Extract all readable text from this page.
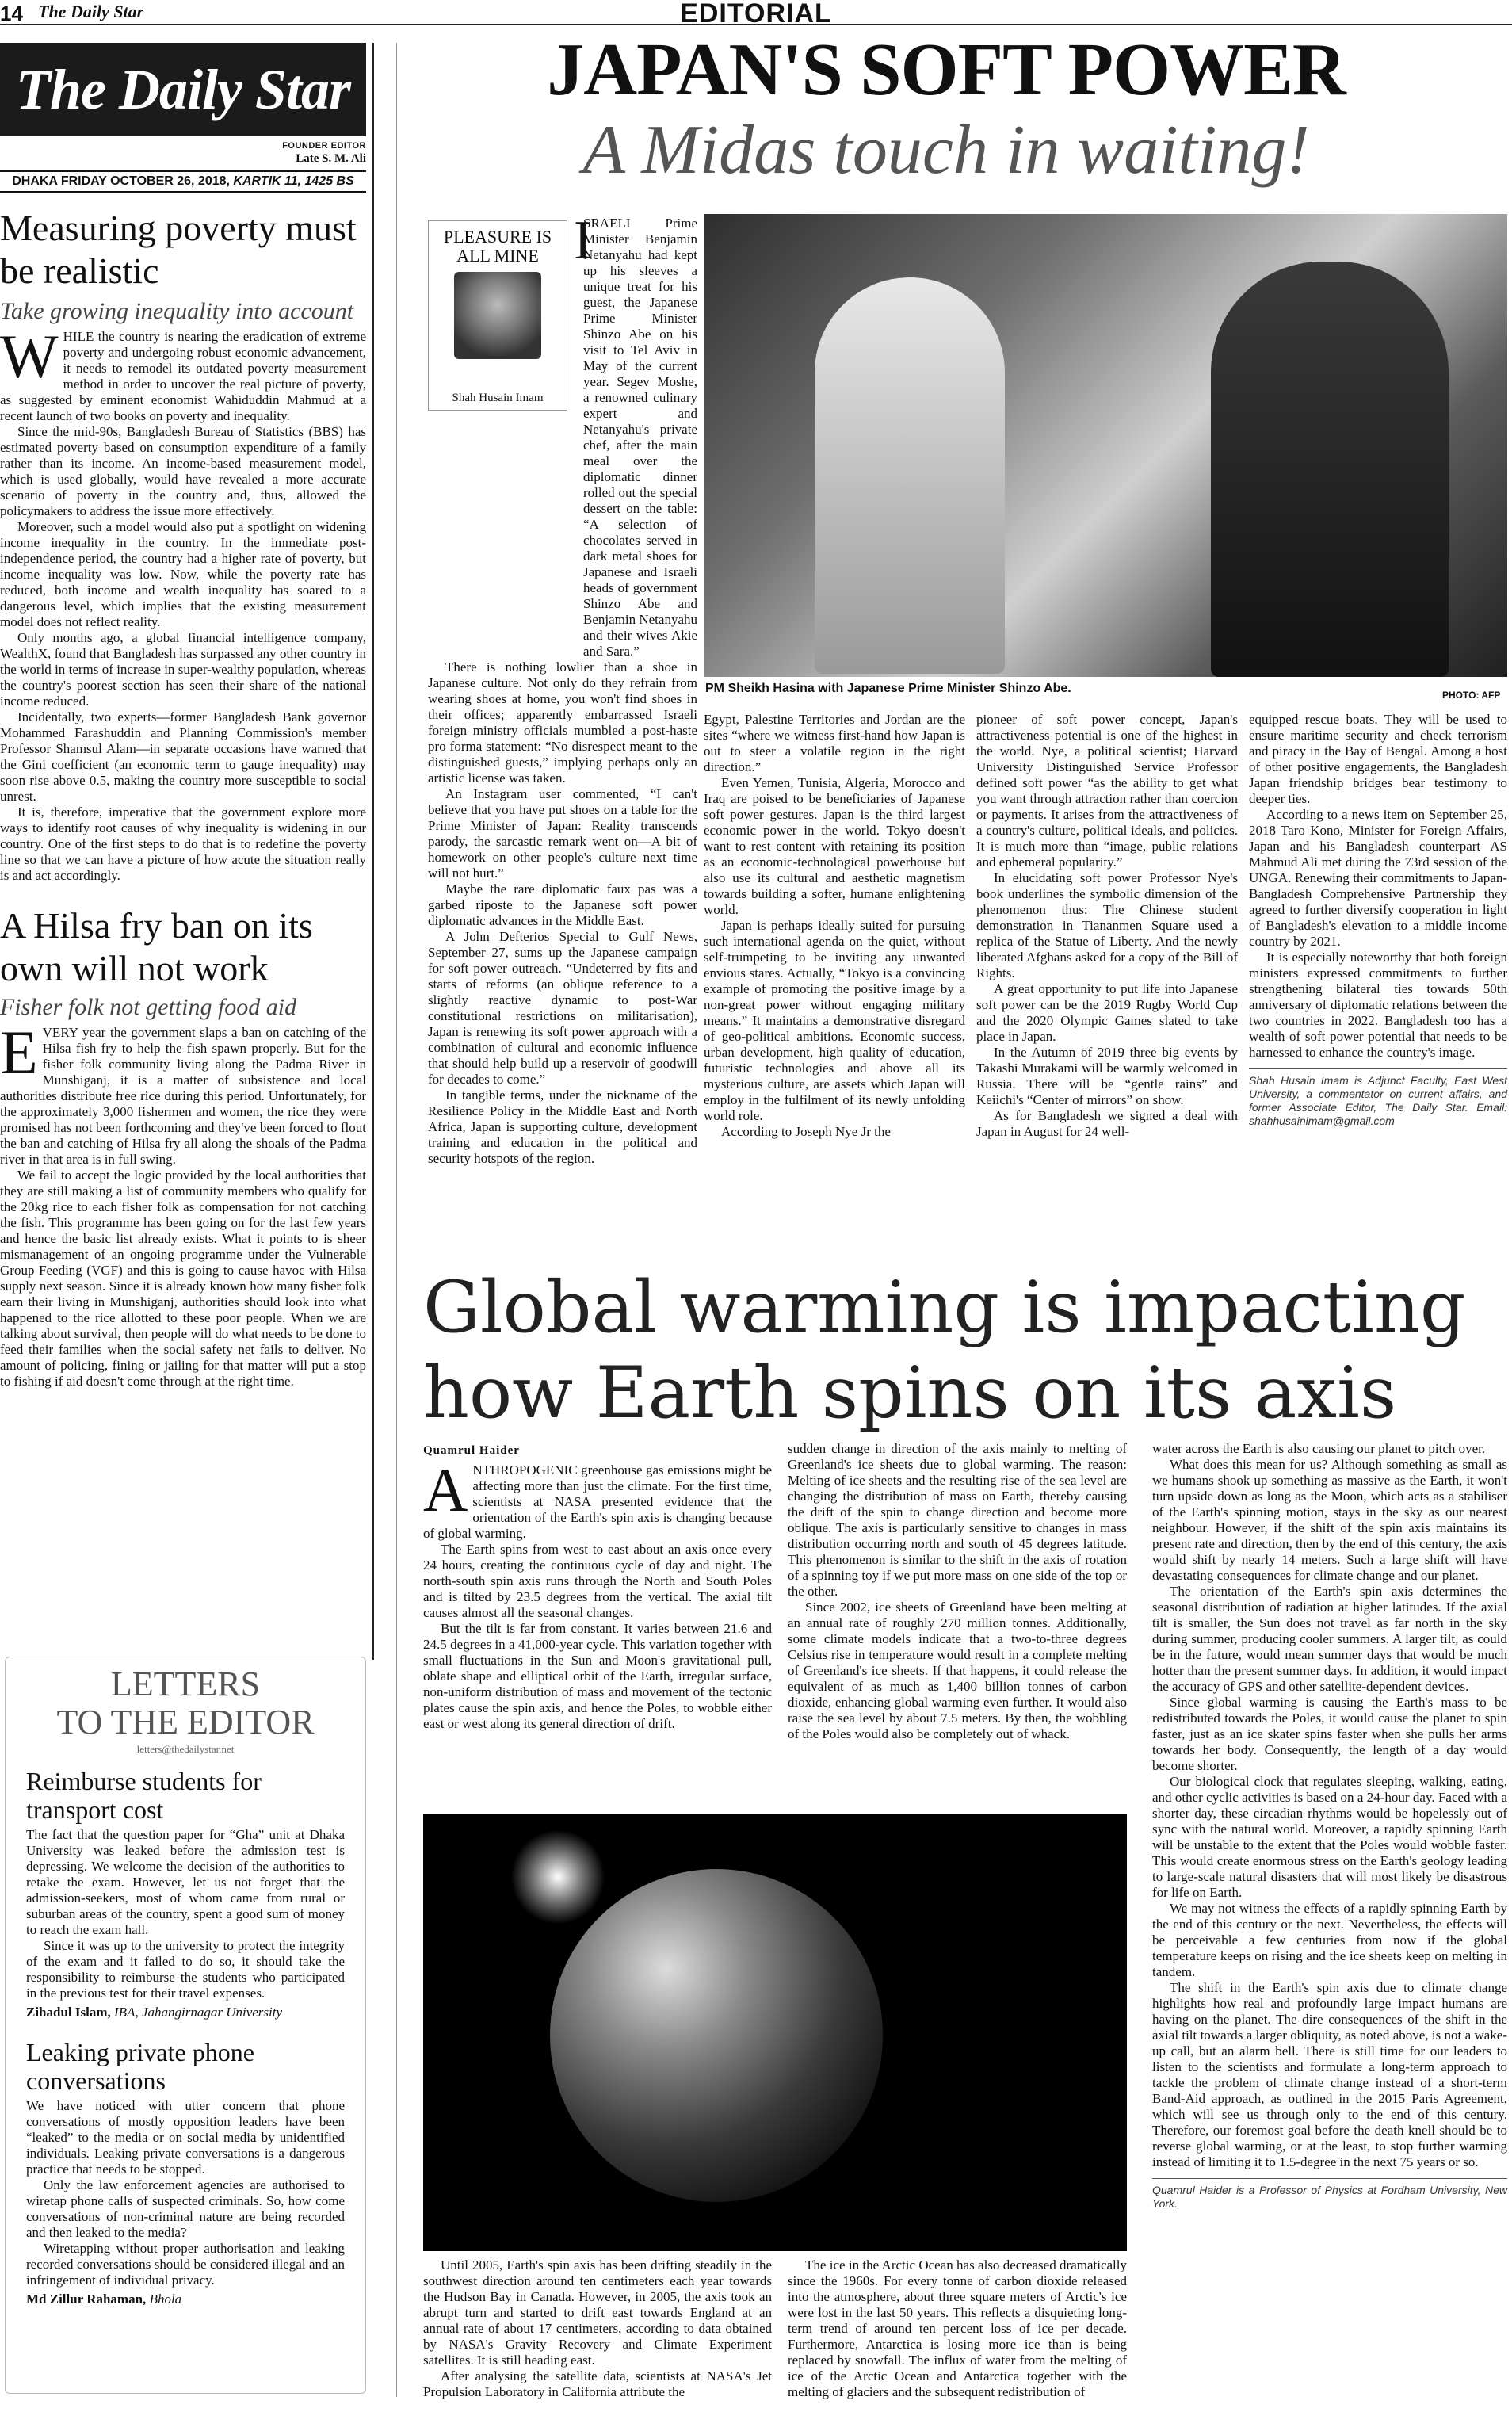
14 The Daily Star	EDITORIAL
The Daily Star
FOUNDER EDITOR
Late S. M. Ali
DHAKA FRIDAY OCTOBER 26, 2018, KARTIK 11, 1425 BS
Measuring poverty must be realistic
Take growing inequality into account

WHILE the country is nearing the eradication of extreme poverty and undergoing robust economic advancement, it needs to remodel its outdated poverty measurement method in order to uncover the real picture of poverty, as suggested by eminent economist Wahiduddin Mahmud at a recent launch of two books on poverty and inequality.

Since the mid-90s, Bangladesh Bureau of Statistics (BBS) has estimated poverty based on consumption expenditure of a family rather than its income. An income-based measurement model, which is used globally, would have revealed a more accurate scenario of poverty in the country and, thus, allowed the policymakers to address the issue more effectively.

Moreover, such a model would also put a spotlight on widening income inequality in the country. In the immediate post-independence period, the country had a higher rate of poverty, but income inequality was low. Now, while the poverty rate has reduced, both income and wealth inequality has soared to a dangerous level, which implies that the existing measurement model does not reflect reality.

Only months ago, a global financial intelligence company, WealthX, found that Bangladesh has surpassed any other country in the world in terms of increase in super-wealthy population, whereas the country's poorest section has seen their share of the national income reduced.

Incidentally, two experts—former Bangladesh Bank governor Mohammed Farashuddin and Planning Commission's member Professor Shamsul Alam—in separate occasions have warned that the Gini coefficient (an economic term to gauge inequality) may soon rise above 0.5, making the country more susceptible to social unrest.

It is, therefore, imperative that the government explore more ways to identify root causes of why inequality is widening in our country. One of the first steps to do that is to redefine the poverty line so that we can have a picture of how acute the situation really is and act accordingly.

A Hilsa fry ban on its own will not work
Fisher folk not getting food aid

EVERY year the government slaps a ban on catching of the Hilsa fish fry to help the fish spawn properly. But for the fisher folk community living along the Padma River in Munshiganj, it is a matter of subsistence and local authorities distribute free rice during this period. Unfortunately, for the approximately 3,000 fishermen and women, the rice they were promised has not been forthcoming and they've been forced to flout the ban and catching of Hilsa fry all along the shoals of the Padma river in that area is in full swing.

We fail to accept the logic provided by the local authorities that they are still making a list of community members who qualify for the 20kg rice to each fisher folk as compensation for not catching the fish. This programme has been going on for the last few years and hence the basic list already exists. What it points to is sheer mismanagement of an ongoing programme under the Vulnerable Group Feeding (VGF) and this is going to cause havoc with Hilsa supply next season. Since it is already known how many fisher folk earn their living in Munshiganj, authorities should look into what happened to the rice allotted to these poor people. When we are talking about survival, then people will do what needs to be done to feed their families when the social safety net fails to deliver. No amount of policing, fining or jailing for that matter will put a stop to fishing if aid doesn't come through at the right time.

LETTERS
TO THE EDITOR
letters@thedailystar.net
Reimburse students for transport cost

The fact that the question paper for “Gha” unit at Dhaka University was leaked before the admission test is depressing. We welcome the decision of the authorities to retake the exam. However, let us not forget that the admission-seekers, most of whom came from rural or suburban areas of the country, spent a good sum of money to reach the exam hall.

Since it was up to the university to protect the integrity of the exam and it failed to do so, it should take the responsibility to reimburse the students who participated in the previous test for their travel expenses.

Zihadul Islam, IBA, Jahangirnagar University
Leaking private phone conversations

We have noticed with utter concern that phone conversations of mostly opposition leaders have been “leaked” to the media or on social media by unidentified individuals. Leaking private conversations is a dangerous practice that needs to be stopped.

Only the law enforcement agencies are authorised to wiretap phone calls of suspected criminals. So, how come conversations of non-criminal nature are being recorded and then leaked to the media?

Wiretapping without proper authorisation and leaking recorded conversations should be considered illegal and an infringement of individual privacy.

Md Zillur Rahaman, Bhola
JAPAN'S SOFT POWER
A Midas touch in waiting!
PLEASURE IS ALL MINE
Shah Husain Imam
I

SRAELI Prime Minister Benjamin Netanyahu had kept up his sleeves a unique treat for his guest, the Japanese Prime Minister Shinzo Abe on his visit to Tel Aviv in May of the current year. Segev Moshe, a renowned culinary expert and Netanyahu's private chef, after the main meal over the diplomatic dinner rolled out the special dessert on the table: “A selection of chocolates served in dark metal shoes for Japanese and Israeli heads of government Shinzo Abe and Benjamin Netanyahu and their wives Akie and Sara.”

There is nothing lowlier than a shoe in Japanese culture. Not only do they refrain from wearing shoes at home, you won't find shoes in their offices; apparently embarrassed Israeli foreign ministry officials mumbled a post-haste pro forma statement: “No disrespect meant to the distinguished guests,” implying perhaps only an artistic license was taken.

An Instagram user commented, “I can't believe that you have put shoes on a table for the Prime Minister of Japan: Reality transcends parody, the sarcastic remark went on—A bit of homework on other people's culture next time will not hurt.”

Maybe the rare diplomatic faux pas was a garbed riposte to the Japanese soft power diplomatic advances in the Middle East.

A John Defterios Special to Gulf News, September 27, sums up the Japanese campaign for soft power outreach. “Undeterred by fits and starts of reforms (an oblique reference to a slightly reactive dynamic to post-War constitutional restrictions on militarisation), Japan is renewing its soft power approach with a combination of cultural and economic influence that should help build up a reservoir of goodwill for decades to come.”

In tangible terms, under the nickname of the Resilience Policy in the Middle East and North Africa, Japan is supporting culture, development training and education in the political and security hotspots of the region.

PM Sheikh Hasina with Japanese Prime Minister Shinzo Abe.	PHOTO: AFP

Egypt, Palestine Territories and Jordan are the sites “where we witness first-hand how Japan is out to steer a volatile region in the right direction.”

Even Yemen, Tunisia, Algeria, Morocco and Iraq are poised to be beneficiaries of Japanese soft power gestures. Japan is the third largest economic power in the world. Tokyo doesn't want to rest content with retaining its position as an economic-technological powerhouse but also use its cultural and aesthetic magnetism towards building a softer, humane enlightening world.

Japan is perhaps ideally suited for pursuing such international agenda on the quiet, without self-trumpeting to be inviting any unwanted envious stares. Actually, “Tokyo is a convincing example of promoting the positive image by a non-great power without engaging military means.” It maintains a demonstrative disregard of geo-political ambitions. Economic success, urban development, high quality of education, futuristic technologies and above all its mysterious culture, are assets which Japan will employ in the fulfilment of its newly unfolding world role.

According to Joseph Nye Jr the

pioneer of soft power concept, Japan's attractiveness potential is one of the highest in the world. Nye, a political scientist; Harvard University Distinguished Service Professor defined soft power “as the ability to get what you want through attraction rather than coercion or payments. It arises from the attractiveness of a country's culture, political ideals, and policies. It is much more than “image, public relations and ephemeral popularity.”

In elucidating soft power Professor Nye's book underlines the symbolic dimension of the phenomenon thus: The Chinese student demonstration in Tiananmen Square used a replica of the Statue of Liberty. And the newly liberated Afghans asked for a copy of the Bill of Rights.

A great opportunity to put life into Japanese soft power can be the 2019 Rugby World Cup and the 2020 Olympic Games slated to take place in Japan.

In the Autumn of 2019 three big events by Takashi Murakami will be warmly welcomed in Russia. There will be “gentle rains” and Keiichi's “Center of mirrors” on show.

As for Bangladesh we signed a deal with Japan in August for 24 well-

equipped rescue boats. They will be used to ensure maritime security and check terrorism and piracy in the Bay of Bengal. Among a host of other positive engagements, the Bangladesh Japan friendship bridges bear testimony to deeper ties.

According to a news item on September 25, 2018 Taro Kono, Minister for Foreign Affairs, Japan and his Bangladesh counterpart AS Mahmud Ali met during the 73rd session of the UNGA. Renewing their commitments to Japan-Bangladesh Comprehensive Partnership they agreed to further diversify cooperation in light of Bangladesh's elevation to a middle income country by 2021.

It is especially noteworthy that both foreign ministers expressed commitments to further strengthening bilateral ties towards 50th anniversary of diplomatic relations between the two countries in 2022. Bangladesh too has a wealth of soft power potential that needs to be harnessed to enhance the country's image.

Shah Husain Imam is Adjunct Faculty, East West University, a commentator on current affairs, and former Associate Editor, The Daily Star. Email: shahhusainimam@gmail.com
Global warming is impacting how Earth spins on its axis
Quamrul Haider

ANTHROPOGENIC greenhouse gas emissions might be affecting more than just the climate. For the first time, scientists at NASA presented evidence that the orientation of the Earth's spin axis is changing because of global warming.

The Earth spins from west to east about an axis once every 24 hours, creating the continuous cycle of day and night. The north-south spin axis runs through the North and South Poles and is tilted by 23.5 degrees from the vertical. The axial tilt causes almost all the seasonal changes.

But the tilt is far from constant. It varies between 21.6 and 24.5 degrees in a 41,000-year cycle. This variation together with small fluctuations in the Sun and Moon's gravitational pull, oblate shape and elliptical orbit of the Earth, irregular surface, non-uniform distribution of mass and movement of the tectonic plates cause the spin axis, and hence the Poles, to wobble either east or west along its general direction of drift.

sudden change in direction of the axis mainly to melting of Greenland's ice sheets due to global warming. The reason: Melting of ice sheets and the resulting rise of the sea level are changing the distribution of mass on Earth, thereby causing the drift of the spin to change direction and become more oblique. The axis is particularly sensitive to changes in mass distribution occurring north and south of 45 degrees latitude. This phenomenon is similar to the shift in the axis of rotation of a spinning toy if we put more mass on one side of the top or the other.

Since 2002, ice sheets of Greenland have been melting at an annual rate of roughly 270 million tonnes. Additionally, some climate models indicate that a two-to-three degrees Celsius rise in temperature would result in a complete melting of Greenland's ice sheets. If that happens, it could release the equivalent of as much as 1,400 billion tonnes of carbon dioxide, enhancing global warming even further. It would also raise the sea level by about 7.5 meters. By then, the wobbling of the Poles would also be completely out of whack.

Until 2005, Earth's spin axis has been drifting steadily in the southwest direction around ten centimeters each year towards the Hudson Bay in Canada. However, in 2005, the axis took an abrupt turn and started to drift east towards England at an annual rate of about 17 centimeters, according to data obtained by NASA's Gravity Recovery and Climate Experiment satellites. It is still heading east.

After analysing the satellite data, scientists at NASA's Jet Propulsion Laboratory in California attribute the

The ice in the Arctic Ocean has also decreased dramatically since the 1960s. For every tonne of carbon dioxide released into the atmosphere, about three square meters of Arctic's ice were lost in the last 50 years. This reflects a disquieting long-term trend of around ten percent loss of ice per decade. Furthermore, Antarctica is losing more ice than is being replaced by snowfall. The influx of water from the melting of ice of the Arctic Ocean and Antarctica together with the melting of glaciers and the subsequent redistribution of

water across the Earth is also causing our planet to pitch over.

What does this mean for us? Although something as small as we humans shook up something as massive as the Earth, it won't turn upside down as long as the Moon, which acts as a stabiliser of the Earth's spinning motion, stays in the sky as our nearest neighbour. However, if the shift of the spin axis maintains its present rate and direction, then by the end of this century, the axis would shift by nearly 14 meters. Such a large shift will have devastating consequences for climate change and our planet.

The orientation of the Earth's spin axis determines the seasonal distribution of radiation at higher latitudes. If the axial tilt is smaller, the Sun does not travel as far north in the sky during summer, producing cooler summers. A larger tilt, as could be in the future, would mean summer days that would be much hotter than the present summer days. In addition, it would impact the accuracy of GPS and other satellite-dependent devices.

Since global warming is causing the Earth's mass to be redistributed towards the Poles, it would cause the planet to spin faster, just as an ice skater spins faster when she pulls her arms towards her body. Consequently, the length of a day would become shorter.

Our biological clock that regulates sleeping, walking, eating, and other cyclic activities is based on a 24-hour day. Faced with a shorter day, these circadian rhythms would be hopelessly out of sync with the natural world. Moreover, a rapidly spinning Earth will be unstable to the extent that the Poles would wobble faster. This would create enormous stress on the Earth's geology leading to large-scale natural disasters that will most likely be disastrous for life on Earth.

We may not witness the effects of a rapidly spinning Earth by the end of this century or the next. Nevertheless, the effects will be perceivable a few centuries from now if the global temperature keeps on rising and the ice sheets keep on melting in tandem.

The shift in the Earth's spin axis due to climate change highlights how real and profoundly large impact humans are having on the planet. The dire consequences of the shift in the axial tilt towards a larger obliquity, as noted above, is not a wake-up call, but an alarm bell. There is still time for our leaders to listen to the scientists and formulate a long-term approach to tackle the problem of climate change instead of a short-term Band-Aid approach, as outlined in the 2015 Paris Agreement, which will see us through only to the end of this century. Therefore, our foremost goal before the death knell should be to reverse global warming, or at the least, to stop further warming instead of limiting it to 1.5-degree in the next 75 years or so.

Quamrul Haider is a Professor of Physics at Fordham University, New York.
